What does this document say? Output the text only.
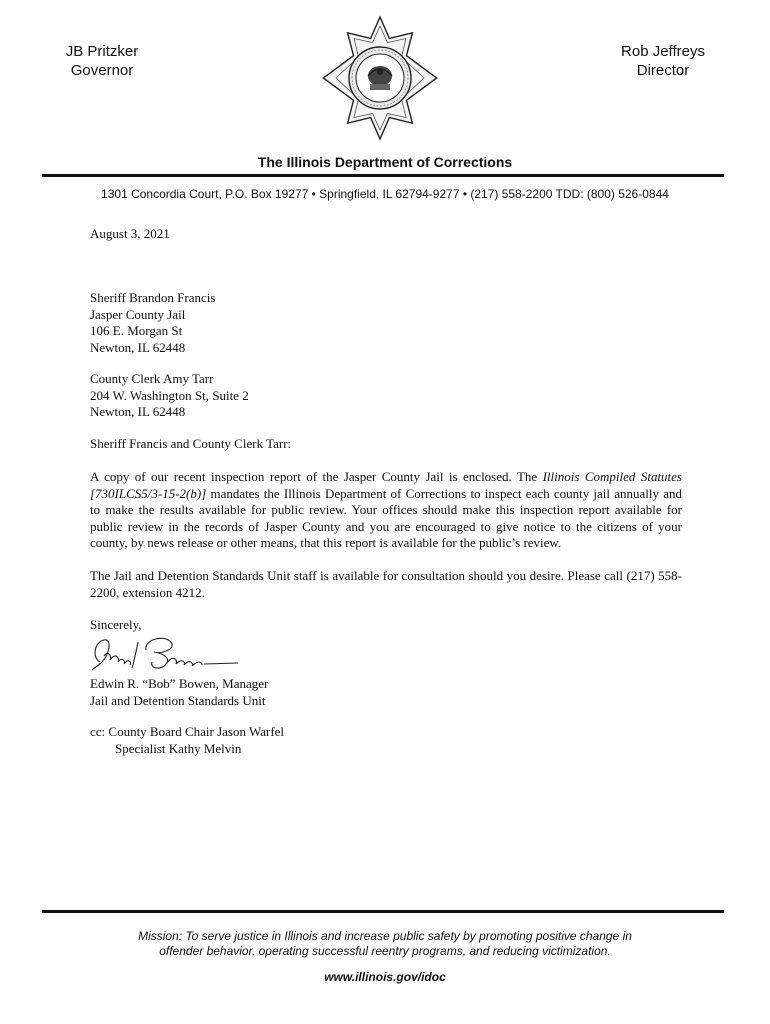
JB Pritzker
Governor
Rob Jeffreys
Director
The Illinois Department of Corrections
1301 Concordia Court, P.O. Box 19277 • Springfield, IL 62794-9277 • (217) 558-2200 TDD: (800) 526-0844
August 3, 2021
Sheriff Brandon Francis
Jasper County Jail
106 E. Morgan St
Newton, IL 62448
County Clerk Amy Tarr
204 W. Washington St, Suite 2
Newton, IL 62448
Sheriff Francis and County Clerk Tarr:
A copy of our recent inspection report of the Jasper County Jail is enclosed. The Illinois Compiled Statutes [730ILCS5/3-15-2(b)] mandates the Illinois Department of Corrections to inspect each county jail annually and to make the results available for public review. Your offices should make this inspection report available for public review in the records of Jasper County and you are encouraged to give notice to the citizens of your county, by news release or other means, that this report is available for the public’s review.
The Jail and Detention Standards Unit staff is available for consultation should you desire. Please call (217) 558-2200, extension 4212.
Sincerely,
Edwin R. “Bob” Bowen, Manager
Jail and Detention Standards Unit
cc: County Board Chair Jason Warfel
Specialist Kathy Melvin
Mission: To serve justice in Illinois and increase public safety by promoting positive change in
offender behavior, operating successful reentry programs, and reducing victimization.
www.illinois.gov/idoc
